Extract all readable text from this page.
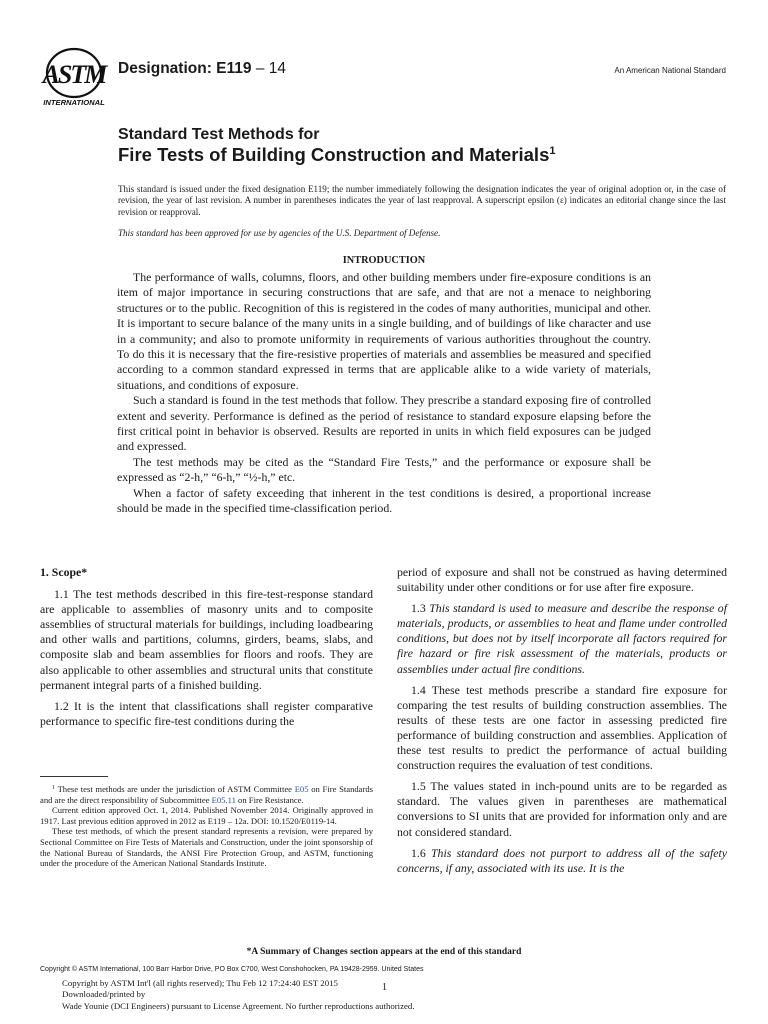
ASTM
INTERNATIONAL
Designation: E119 – 14	An American National Standard
Standard Test Methods for
Fire Tests of Building Construction and Materials$^1$

This standard is issued under the fixed designation E119; the number immediately following the designation indicates the year of original adoption or, in the case of revision, the year of last revision. A number in parentheses indicates the year of last reapproval. A superscript epsilon (ε) indicates an editorial change since the last revision or reapproval.

This standard has been approved for use by agencies of the U.S. Department of Defense.

INTRODUCTION

The performance of walls, columns, floors, and other building members under fire-exposure conditions is an item of major importance in securing constructions that are safe, and that are not a menace to neighboring structures or to the public. Recognition of this is registered in the codes of many authorities, municipal and other. It is important to secure balance of the many units in a single building, and of buildings of like character and use in a community; and also to promote uniformity in requirements of various authorities throughout the country. To do this it is necessary that the fire-resistive properties of materials and assemblies be measured and specified according to a common standard expressed in terms that are applicable alike to a wide variety of materials, situations, and conditions of exposure.

Such a standard is found in the test methods that follow. They prescribe a standard exposing fire of controlled extent and severity. Performance is defined as the period of resistance to standard exposure elapsing before the first critical point in behavior is observed. Results are reported in units in which field exposures can be judged and expressed.

The test methods may be cited as the “Standard Fire Tests,” and the performance or exposure shall be expressed as “2-h,” “6-h,” “½-h,” etc.

When a factor of safety exceeding that inherent in the test conditions is desired, a proportional increase should be made in the specified time-classification period.

1. Scope*

1.1 The test methods described in this fire-test-response standard are applicable to assemblies of masonry units and to composite assemblies of structural materials for buildings, including loadbearing and other walls and partitions, columns, girders, beams, slabs, and composite slab and beam assemblies for floors and roofs. They are also applicable to other assemblies and structural units that constitute permanent integral parts of a finished building.

1.2 It is the intent that classifications shall register comparative performance to specific fire-test conditions during the

$^1$ These test methods are under the jurisdiction of ASTM Committee E05 on Fire Standards and are the direct responsibility of Subcommittee E05.11 on Fire Resistance.

Current edition approved Oct. 1, 2014. Published November 2014. Originally approved in 1917. Last previous edition approved in 2012 as E119 – 12a. DOI: 10.1520/E0119-14.

These test methods, of which the present standard represents a revision, were prepared by Sectional Committee on Fire Tests of Materials and Construction, under the joint sponsorship of the National Bureau of Standards, the ANSI Fire Protection Group, and ASTM, functioning under the procedure of the American National Standards Institute.

period of exposure and shall not be construed as having determined suitability under other conditions or for use after fire exposure.

1.3 This standard is used to measure and describe the response of materials, products, or assemblies to heat and flame under controlled conditions, but does not by itself incorporate all factors required for fire hazard or fire risk assessment of the materials, products or assemblies under actual fire conditions.

1.4 These test methods prescribe a standard fire exposure for comparing the test results of building construction assemblies. The results of these tests are one factor in assessing predicted fire performance of building construction and assemblies. Application of these test results to predict the performance of actual building construction requires the evaluation of test conditions.

1.5 The values stated in inch-pound units are to be regarded as standard. The values given in parentheses are mathematical conversions to SI units that are provided for information only and are not considered standard.

1.6 This standard does not purport to address all of the safety concerns, if any, associated with its use. It is the

*A Summary of Changes section appears at the end of this standard
Copyright © ASTM International, 100 Barr Harbor Drive, PO Box C700, West Conshohocken, PA 19428-2959. United States
Copyright by ASTM Int'l (all rights reserved); Thu Feb 12 17:24:40 EST 2015
Downloaded/printed by
Wade Younie (DCI Engineers) pursuant to License Agreement. No further reproductions authorized.
1
